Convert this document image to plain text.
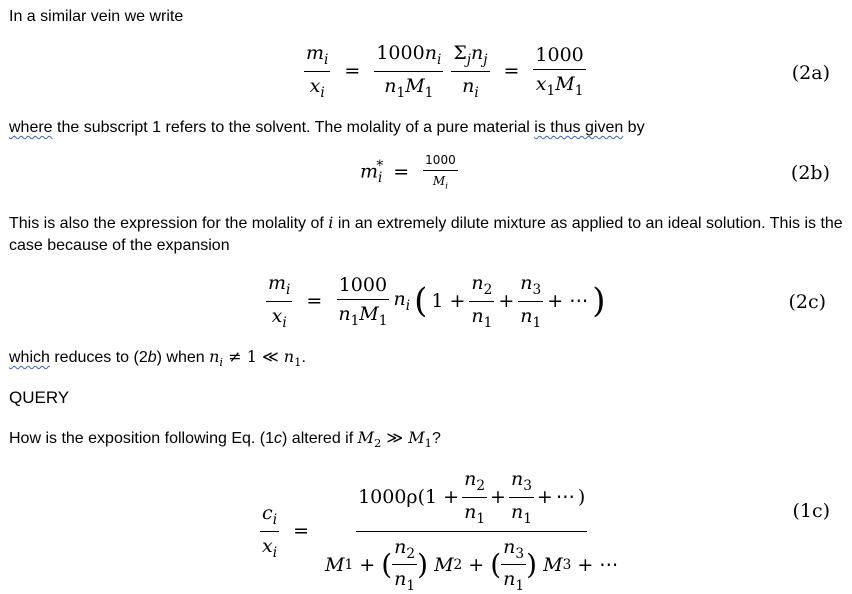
In a similar vein we write
$\frac{m_i}{x_i} = \frac{1000n_i}{n_1M_1} \frac{\Sigma_jn_j}{n_i} = \frac{1000}{x_1M_1}$	(2a)
where the subscript 1 refers to the solvent. The molality of a pure material is thus given by
$m_i^* = \frac{1000}{M_i}$	(2b)
This is also the expression for the molality of i in an extremely dilute mixture as applied to an ideal solution. This is the
case because of the expansion
$\frac{m_i}{x_i} = \frac{1000}{n_1M_1} n_i$ ( $1 + \frac{n_2}{n_1} + \frac{n_3}{n_1}$ + ⋯ )	(2c)
which reduces to (2b) when $n_i \ne 1$ ≪ $n_1$.
QUERY
How is the exposition following Eq. (1c) altered if $M_2$ ≫ $M_1$?
$\frac{c_i}{x_i}$ =
1000ρ ($1 + \frac{n_2}{n_1} + \frac{n_3}{n_1}$ + ⋯ )
M 1 + ( $\frac{n_2}{n_1}$ )
M 2 + ( $\frac{n_3}{n_1}$ )
M 3 + ⋯
(1c)
